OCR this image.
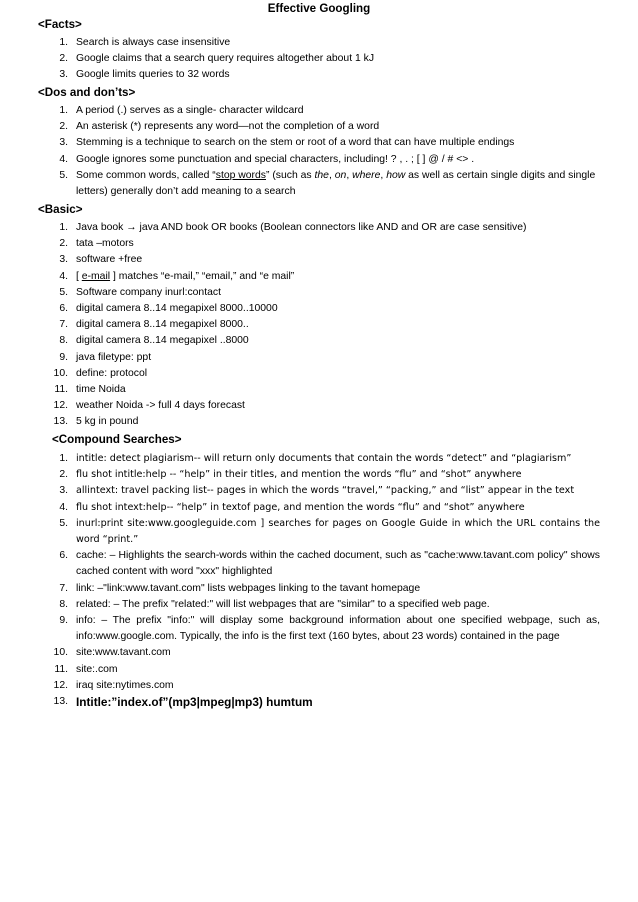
Effective Googling
<Facts>
1. Search is always case insensitive
2. Google claims that a search query requires altogether about 1 kJ
3. Google limits queries to 32 words
<Dos and don’ts>
1. A period (.) serves as a single- character wildcard
2. An asterisk (*) represents any word—not the completion of a word
3. Stemming is a technique to search on the stem or root of a word that can have multiple endings
4. Google ignores some punctuation and special characters, including! ? , . ; [ ] @ / # <> .
5. Some common words, called “stop words” (such as the, on, where, how as well as certain single digits and single letters) generally don’t add meaning to a search
<Basic>
1. Java book → java AND book OR books (Boolean connectors like AND and OR are case sensitive)
2. tata –motors
3. software +free
4. [ e-mail ] matches “e-mail,” “email,” and “e mail”
5. Software company inurl:contact
6. digital camera 8..14 megapixel 8000..10000
7. digital camera 8..14 megapixel 8000..
8. digital camera 8..14 megapixel ..8000
9. java filetype: ppt
10. define: protocol
11. time Noida
12. weather Noida -> full 4 days forecast
13. 5 kg in pound
<Compound Searches>
1. intitle: detect plagiarism-- will return only documents that contain the words “detect” and “plagiarism”
2. flu shot intitle:help -- “help” in their titles, and mention the words “flu” and “shot” anywhere
3. allintext: travel packing list-- pages in which the words “travel,” “packing,” and “list” appear in the text
4. flu shot intext:help-- “help” in textof page, and mention the words “flu” and “shot” anywhere
5. inurl:print site:www.googleguide.com ] searches for pages on Google Guide in which the URL contains the word “print.”
6. cache: – Highlights the search-words within the cached document, such as "cache:www.tavant.com policy" shows cached content with word "xxx" highlighted
7. link: –"link:www.tavant.com" lists webpages linking to the tavant homepage
8. related: – The prefix "related:" will list webpages that are "similar" to a specified web page.
9. info: – The prefix "info:" will display some background information about one specified webpage, such as, info:www.google.com. Typically, the info is the first text (160 bytes, about 23 words) contained in the page
10. site:www.tavant.com
11. site:.com
12. iraq site:nytimes.com
13. Intitle:”index.of”(mp3|mpeg|mp3) humtum
